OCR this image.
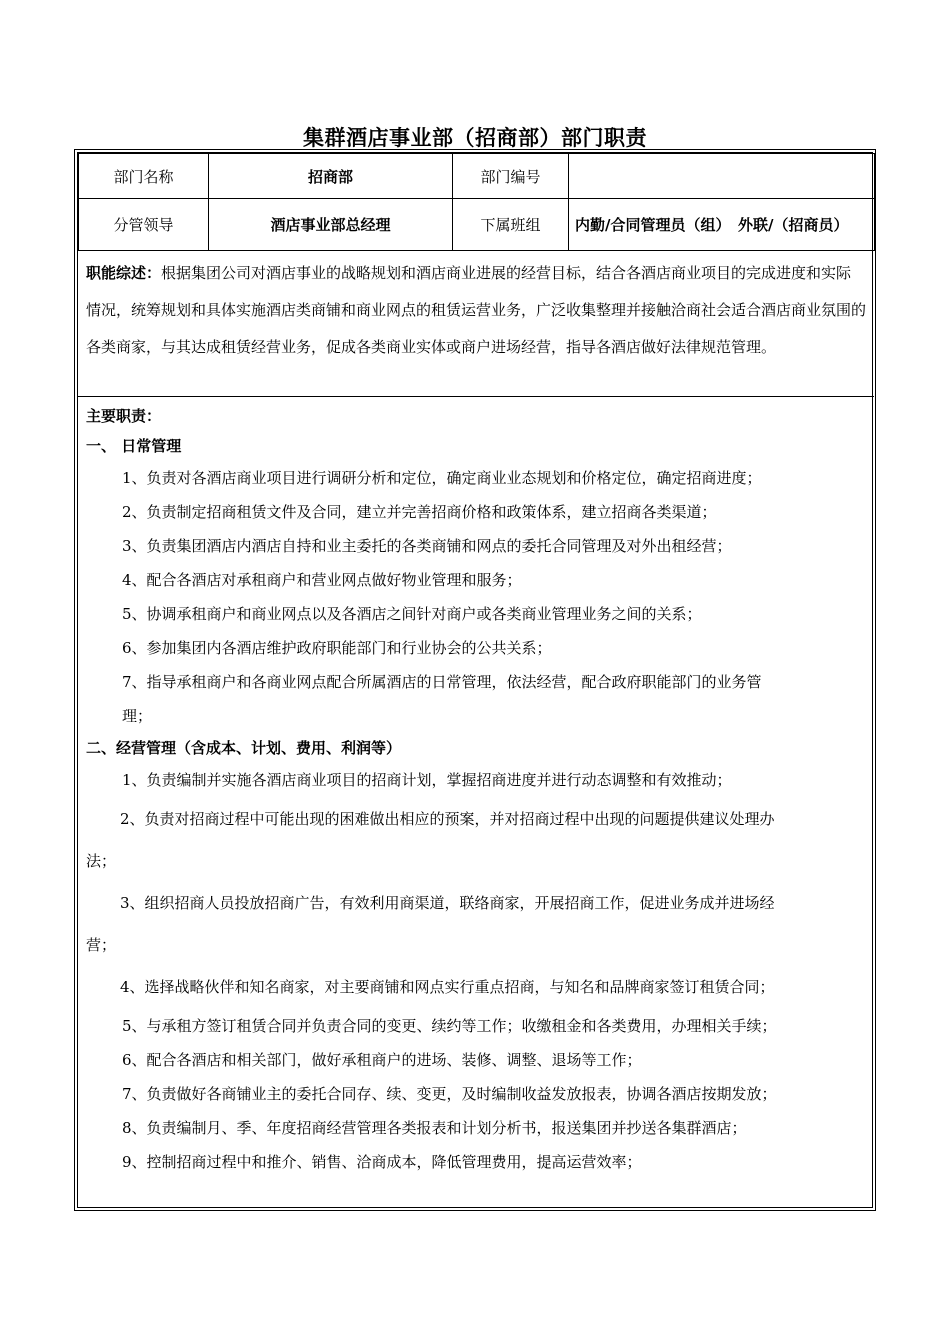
集群酒店事业部（招商部）部门职责
部门名称	招商部	部门编号	
分管领导	酒店事业部总经理	下属班组	内勤/合同管理员（组）　外联/（招商员）
职能综述：根据集团公司对酒店事业的战略规划和酒店商业进展的经营目标，结合各酒店商业项目的完成进度和实际情况，统筹规划和具体实施酒店类商铺和商业网点的租赁运营业务，广泛收集整理并接触洽商社会适合酒店商业氛围的各类商家，与其达成租赁经营业务，促成各类商业实体或商户进场经营，指导各酒店做好法律规范管理。
主要职责：
一、 日常管理
1、负责对各酒店商业项目进行调研分析和定位，确定商业业态规划和价格定位，确定招商进度；
2、负责制定招商租赁文件及合同，建立并完善招商价格和政策体系，建立招商各类渠道；
3、负责集团酒店内酒店自持和业主委托的各类商铺和网点的委托合同管理及对外出租经营；
4、配合各酒店对承租商户和营业网点做好物业管理和服务；
5、协调承租商户和商业网点以及各酒店之间针对商户或各类商业管理业务之间的关系；
6、参加集团内各酒店维护政府职能部门和行业协会的公共关系；
7、指导承租商户和各商业网点配合所属酒店的日常管理，依法经营，配合政府职能部门的业务管
理；
二、经营管理（含成本、计划、费用、利润等）
1、负责编制并实施各酒店商业项目的招商计划，掌握招商进度并进行动态调整和有效推动；
2、负责对招商过程中可能出现的困难做出相应的预案，并对招商过程中出现的问题提供建议处理办
法；
3、组织招商人员投放招商广告，有效利用商渠道，联络商家，开展招商工作，促进业务成并进场经
营；
4、选择战略伙伴和知名商家，对主要商铺和网点实行重点招商，与知名和品牌商家签订租赁合同；
5、与承租方签订租赁合同并负责合同的变更、续约等工作；收缴租金和各类费用，办理相关手续；
6、配合各酒店和相关部门，做好承租商户的进场、装修、调整、退场等工作；
7、负责做好各商铺业主的委托合同存、续、变更，及时编制收益发放报表，协调各酒店按期发放；
8、负责编制月、季、年度招商经营管理各类报表和计划分析书，报送集团并抄送各集群酒店；
9、控制招商过程中和推介、销售、洽商成本，降低管理费用，提高运营效率；
